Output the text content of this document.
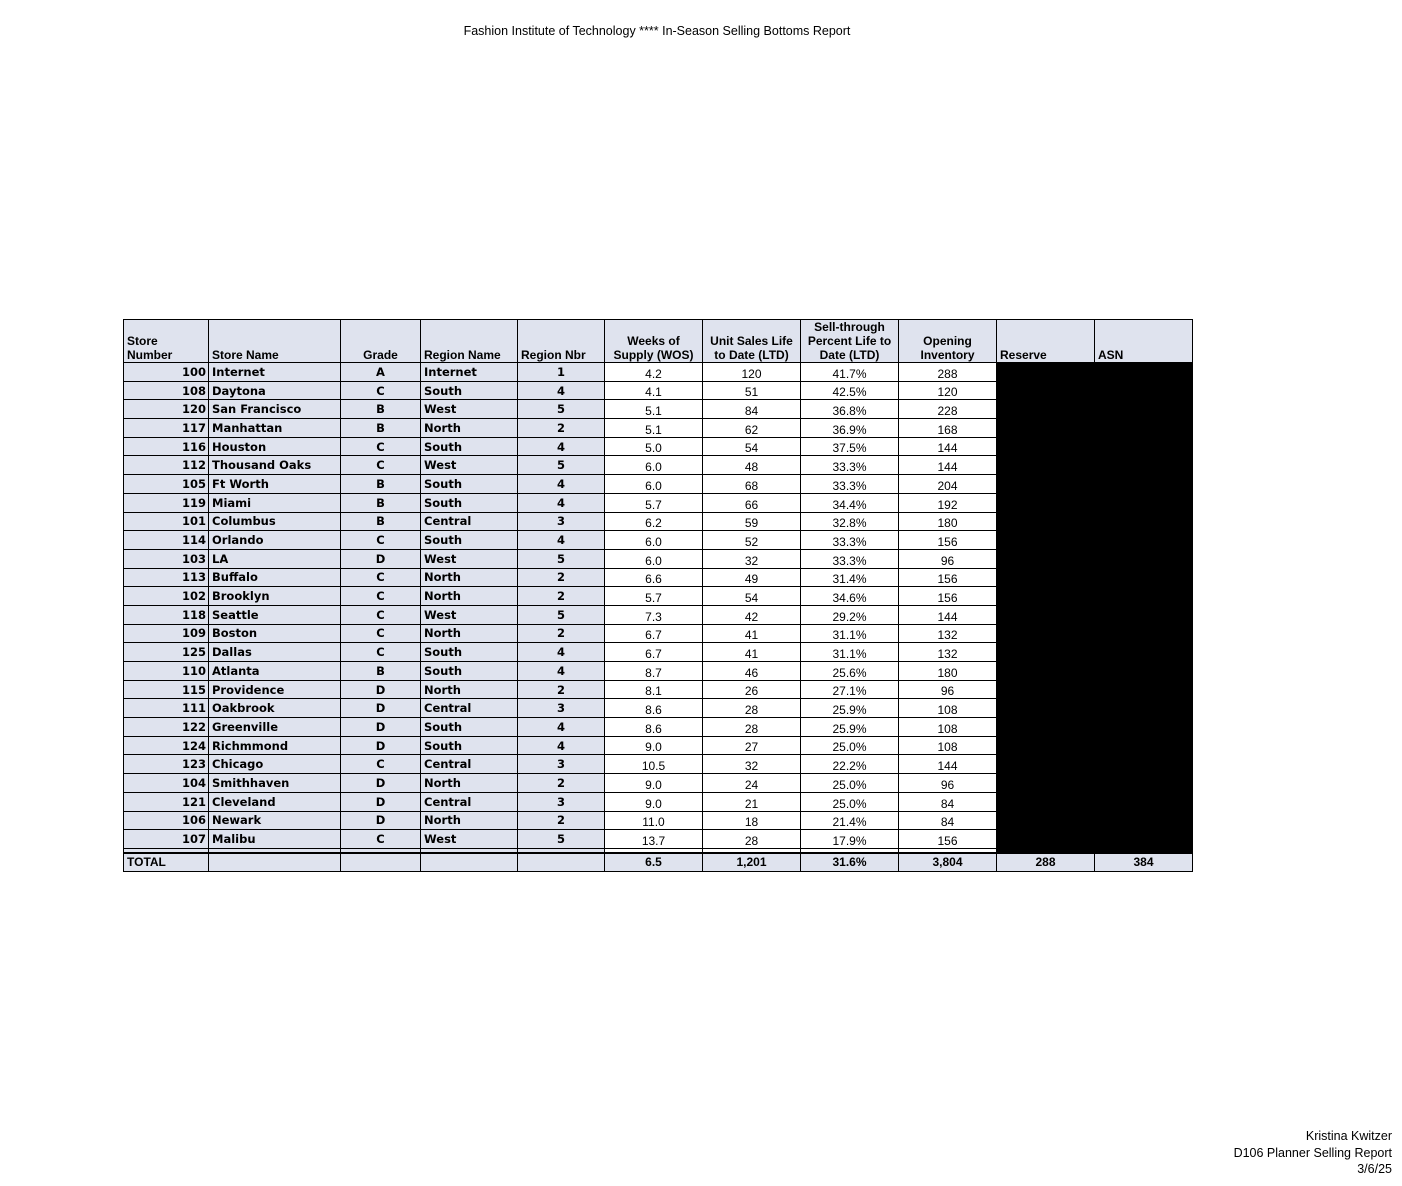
Fashion Institute of Technology **** In-Season Selling Bottoms Report
Store
Number	Store Name	Grade	Region Name	Region Nbr	Weeks of
Supply (WOS)	Unit Sales Life
to Date (LTD)	Sell-through
Percent Life to
Date (LTD)	Opening
Inventory	Reserve	ASN
100	Internet	A	Internet	1	4.2	120	41.7%	288		
108	Daytona	C	South	4	4.1	51	42.5%	120		
120	San Francisco	B	West	5	5.1	84	36.8%	228		
117	Manhattan	B	North	2	5.1	62	36.9%	168		
116	Houston	C	South	4	5.0	54	37.5%	144		
112	Thousand Oaks	C	West	5	6.0	48	33.3%	144		
105	Ft Worth	B	South	4	6.0	68	33.3%	204		
119	Miami	B	South	4	5.7	66	34.4%	192		
101	Columbus	B	Central	3	6.2	59	32.8%	180		
114	Orlando	C	South	4	6.0	52	33.3%	156		
103	LA	D	West	5	6.0	32	33.3%	96		
113	Buffalo	C	North	2	6.6	49	31.4%	156		
102	Brooklyn	C	North	2	5.7	54	34.6%	156		
118	Seattle	C	West	5	7.3	42	29.2%	144		
109	Boston	C	North	2	6.7	41	31.1%	132		
125	Dallas	C	South	4	6.7	41	31.1%	132		
110	Atlanta	B	South	4	8.7	46	25.6%	180		
115	Providence	D	North	2	8.1	26	27.1%	96		
111	Oakbrook	D	Central	3	8.6	28	25.9%	108		
122	Greenville	D	South	4	8.6	28	25.9%	108		
124	Richmmond	D	South	4	9.0	27	25.0%	108		
123	Chicago	C	Central	3	10.5	32	22.2%	144		
104	Smithhaven	D	North	2	9.0	24	25.0%	96		
121	Cleveland	D	Central	3	9.0	21	25.0%	84		
106	Newark	D	North	2	11.0	18	21.4%	84		
107	Malibu	C	West	5	13.7	28	17.9%	156		

TOTAL					6.5	1,201	31.6%	3,804	288	384
Kristina Kwitzer
D106 Planner Selling Report
3/6/25
